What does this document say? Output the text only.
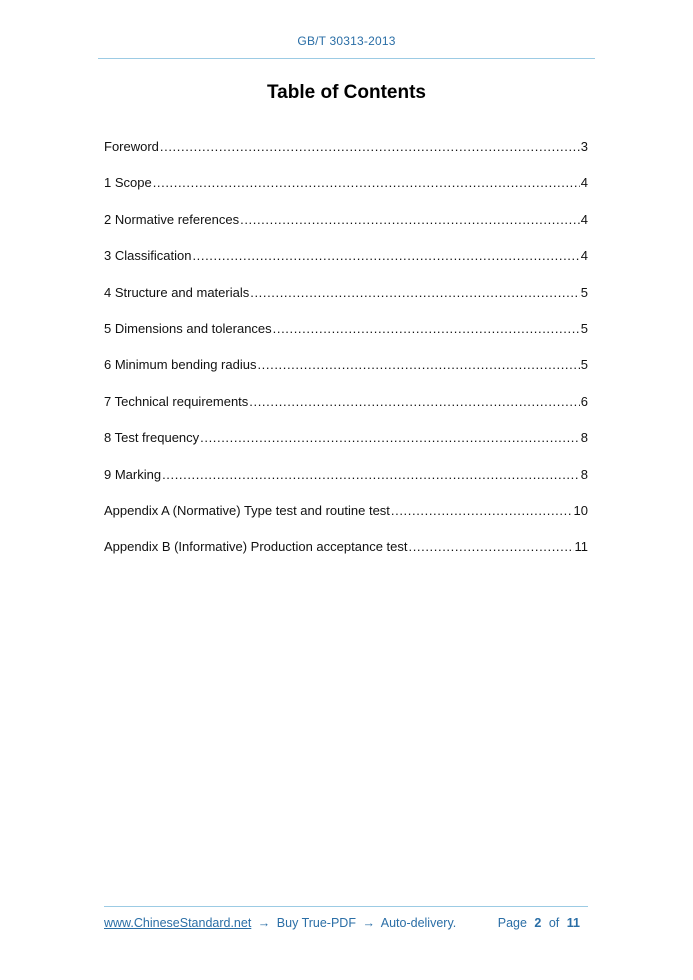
GB/T 30313-2013
Table of Contents
Foreword .....	3
1 Scope .....	4
2 Normative references .....	4
3 Classification .....	4
4 Structure and materials .....	5
5 Dimensions and tolerances .....	5
6 Minimum bending radius .....	5
7 Technical requirements .....	6
8 Test frequency .....	8
9 Marking .....	8
Appendix A (Normative) Type test and routine test .....	10
Appendix B (Informative) Production acceptance test .....	11
www.ChineseStandard.net → Buy True-PDF → Auto-delivery.	Page 2 of 11
